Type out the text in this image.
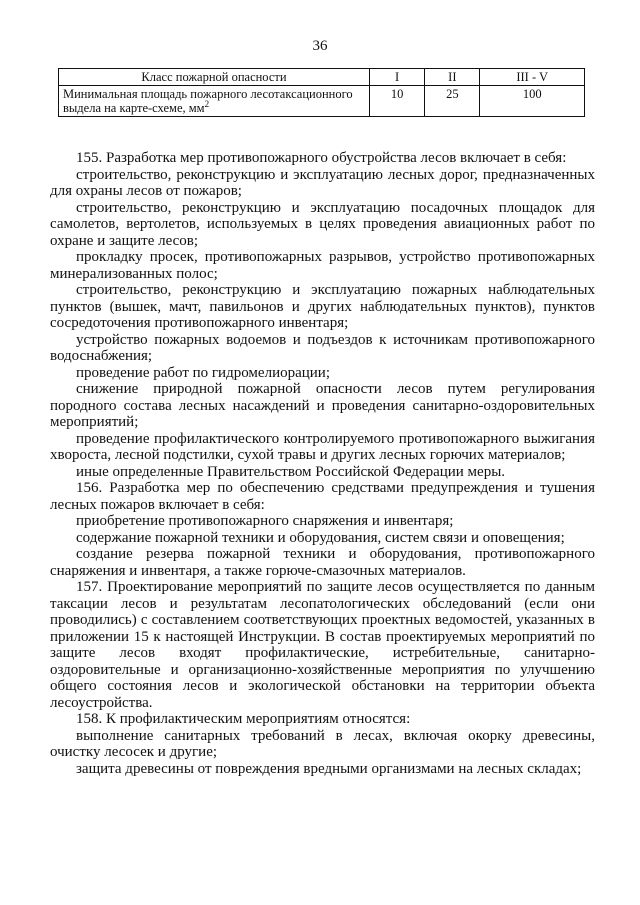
36
Класс пожарной опасности	I	II	III - V
Минимальная площадь пожарного лесотаксационного выдела на карте-схеме, $мм^2$	10	25	100

155. Разработка мер противопожарного обустройства лесов включает в себя:

строительство, реконструкцию и эксплуатацию лесных дорог, предназначенных для охраны лесов от пожаров;

строительство, реконструкцию и эксплуатацию посадочных площадок для самолетов, вертолетов, используемых в целях проведения авиационных работ по охране и защите лесов;

прокладку просек, противопожарных разрывов, устройство противопожарных минерализованных полос;

строительство, реконструкцию и эксплуатацию пожарных наблюдательных пунктов (вышек, мачт, павильонов и других наблюдательных пунктов), пунктов сосредоточения противопожарного инвентаря;

устройство пожарных водоемов и подъездов к источникам противопожарного водоснабжения;

проведение работ по гидромелиорации;

снижение природной пожарной опасности лесов путем регулирования породного состава лесных насаждений и проведения санитарно-оздоровительных мероприятий;

проведение профилактического контролируемого противопожарного выжигания хвороста, лесной подстилки, сухой травы и других лесных горючих материалов;

иные определенные Правительством Российской Федерации меры.

156. Разработка мер по обеспечению средствами предупреждения и тушения лесных пожаров включает в себя:

приобретение противопожарного снаряжения и инвентаря;

содержание пожарной техники и оборудования, систем связи и оповещения;

создание резерва пожарной техники и оборудования, противопожарного снаряжения и инвентаря, а также горюче-смазочных материалов.

157. Проектирование мероприятий по защите лесов осуществляется по данным таксации лесов и результатам лесопатологических обследований (если они проводились) с составлением соответствующих проектных ведомостей, указанных в приложении 15 к настоящей Инструкции. В состав проектируемых мероприятий по защите лесов входят профилактические, истребительные, санитарно-оздоровительные и организационно-хозяйственные мероприятия по улучшению общего состояния лесов и экологической обстановки на территории объекта лесоустройства.

158. К профилактическим мероприятиям относятся:

выполнение санитарных требований в лесах, включая окорку древесины, очистку лесосек и другие;

защита древесины от повреждения вредными организмами на лесных складах;
